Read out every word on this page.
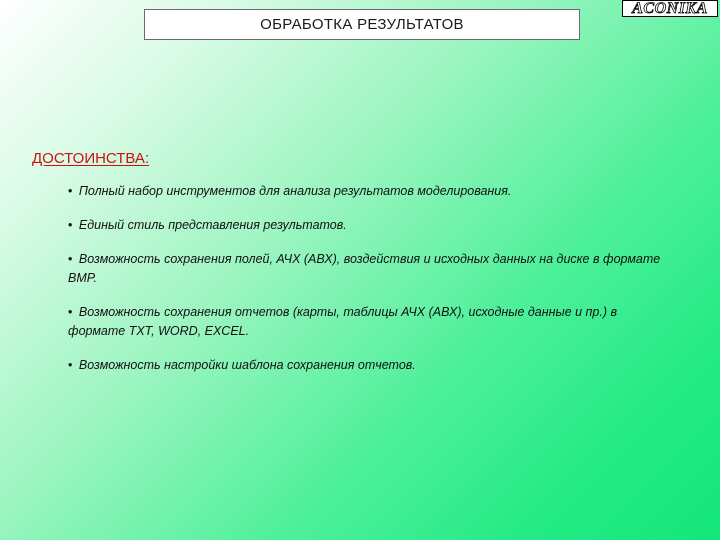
ОБРАБОТКА РЕЗУЛЬТАТОВ
ACONIKA
ДОСТОИНСТВА:
• Полный набор инструментов для анализа результатов моделирования.
• Единый стиль представления результатов.
• Возможность сохранения полей, АЧХ (АВХ), воздействия и исходных данных на диске в формате BMP.
• Возможность сохранения отчетов (карты, таблицы АЧХ (АВХ), исходные данные и пр.) в формате TXT, WORD, EXCEL.
• Возможность настройки шаблона сохранения отчетов.
